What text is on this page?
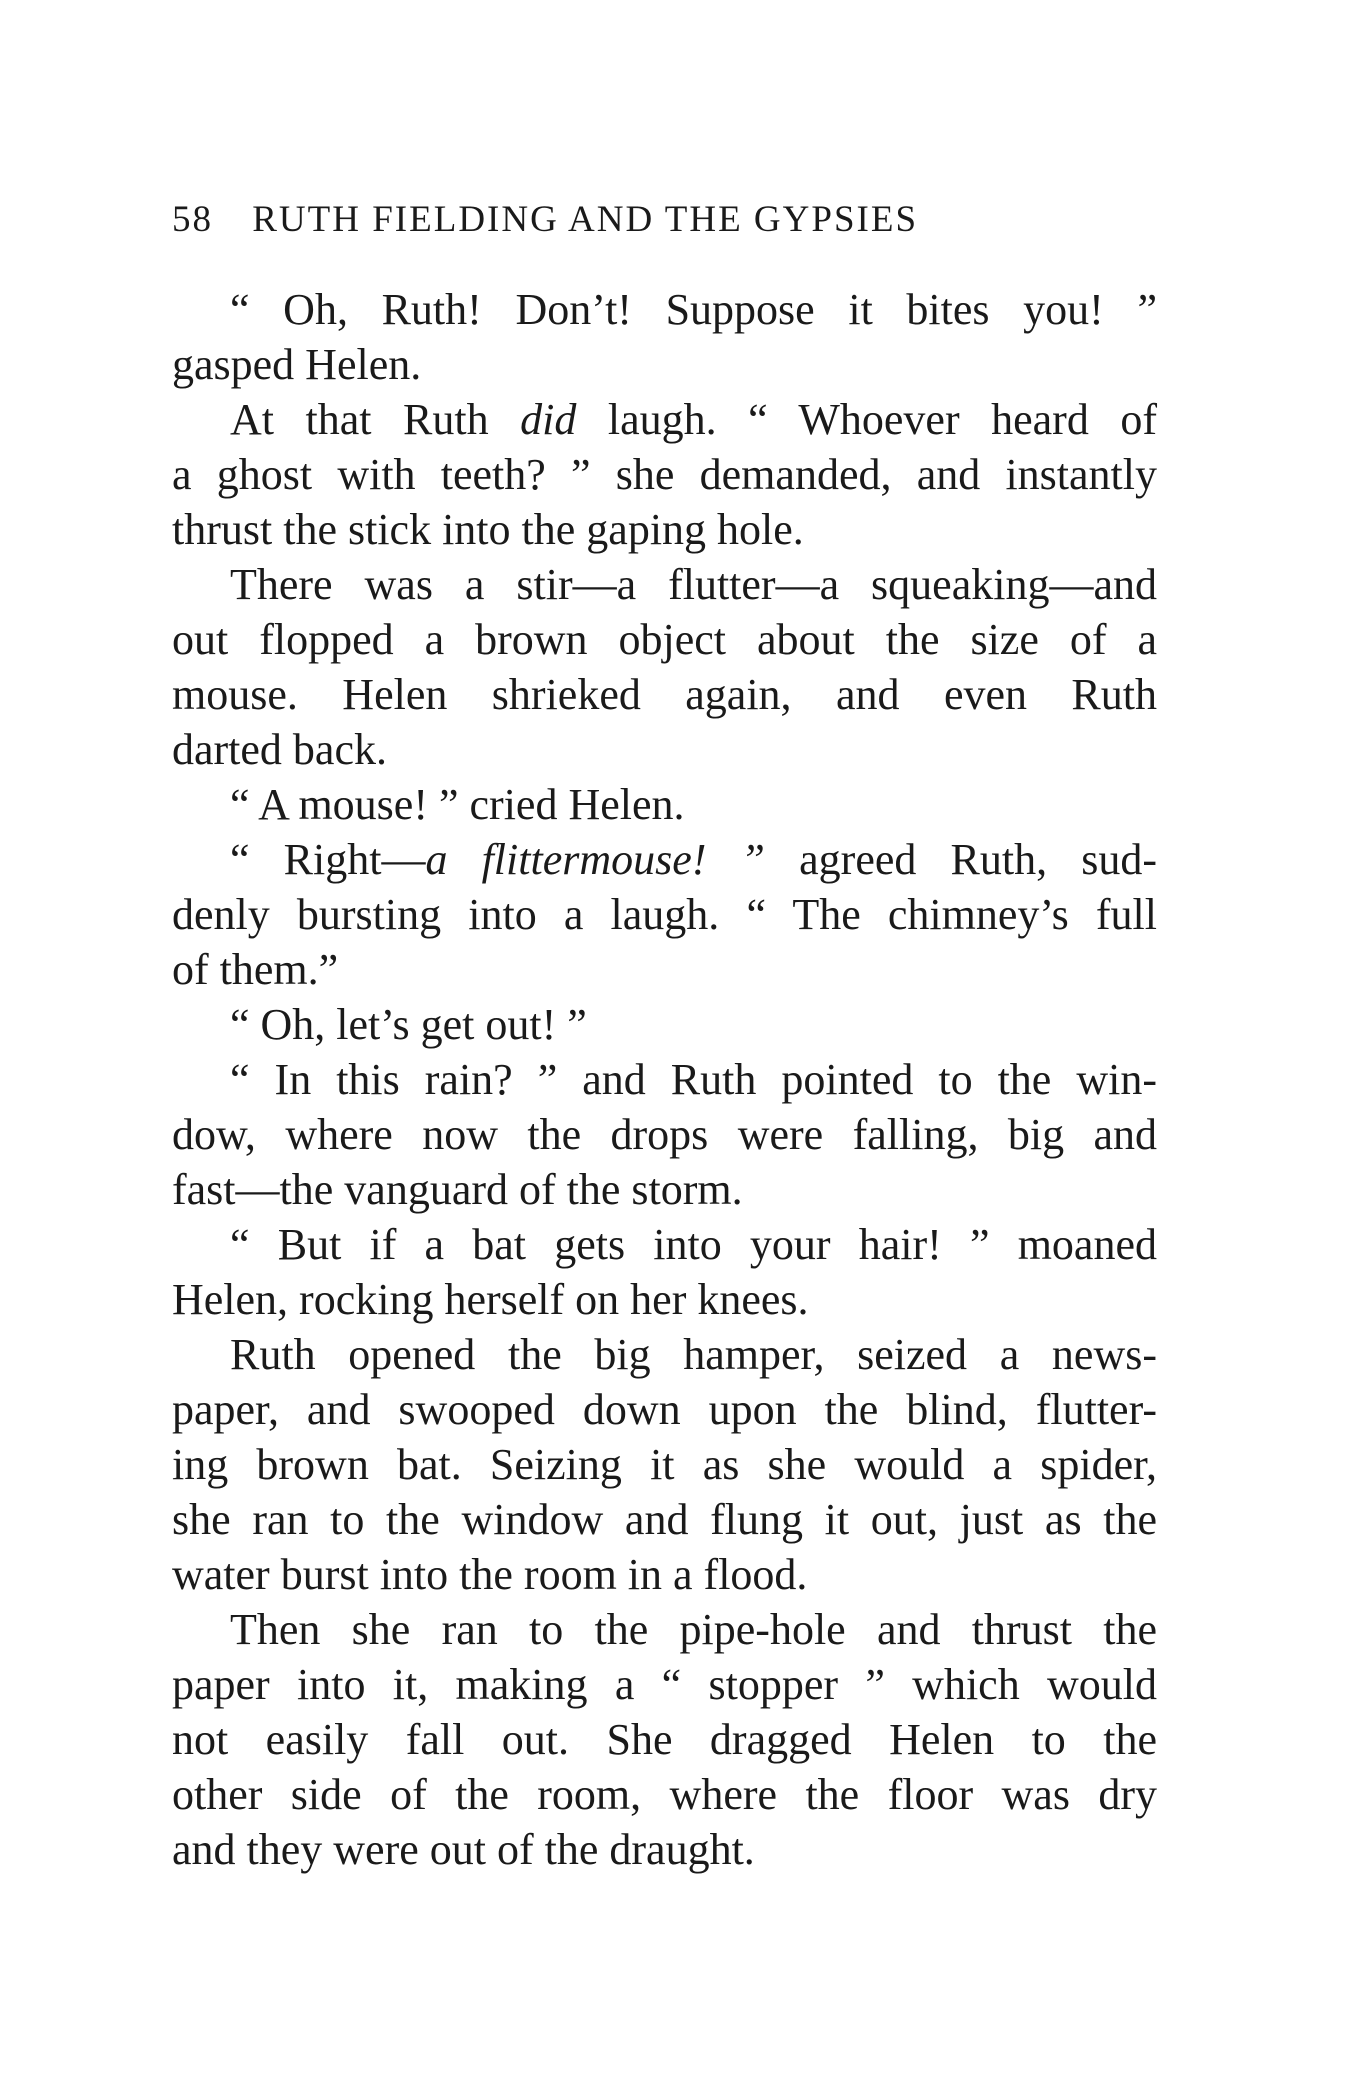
58 RUTH FIELDING AND THE GYPSIES
“ Oh, Ruth! Don’t! Suppose it bites you! ”
gasped Helen.
At that Ruth did laugh. “ Whoever heard of
a ghost with teeth? ” she demanded, and instantly
thrust the stick into the gaping hole.
There was a stir—a flutter—a squeaking—and
out flopped a brown object about the size of a
mouse. Helen shrieked again, and even Ruth
darted back.
“ A mouse! ” cried Helen.
“ Right—a flittermouse! ” agreed Ruth, sud-
denly bursting into a laugh. “ The chimney’s full
of them.”
“ Oh, let’s get out! ”
“ In this rain? ” and Ruth pointed to the win-
dow, where now the drops were falling, big and
fast—the vanguard of the storm.
“ But if a bat gets into your hair! ” moaned
Helen, rocking herself on her knees.
Ruth opened the big hamper, seized a news-
paper, and swooped down upon the blind, flutter-
ing brown bat. Seizing it as she would a spider,
she ran to the window and flung it out, just as the
water burst into the room in a flood.
Then she ran to the pipe-hole and thrust the
paper into it, making a “ stopper ” which would
not easily fall out. She dragged Helen to the
other side of the room, where the floor was dry
and they were out of the draught.
